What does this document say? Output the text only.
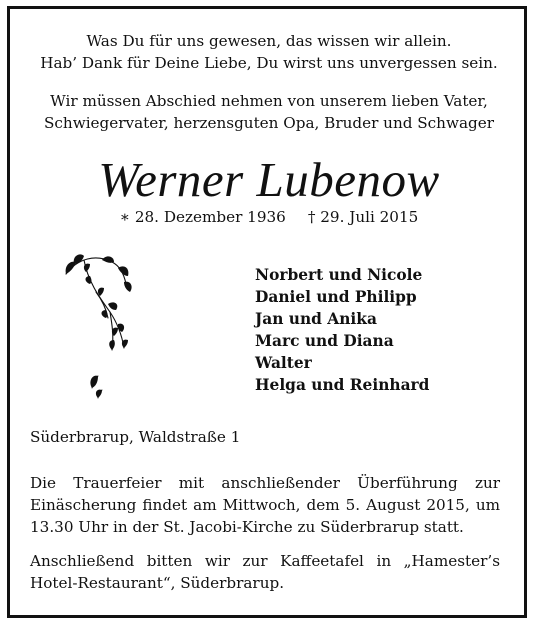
Was Du für uns gewesen, das wissen wir allein.
Hab’ Dank für Deine Liebe, Du wirst uns unvergessen sein.
Wir müssen Abschied nehmen von unserem lieben Vater,
Schwiegervater, herzensguten Opa, Bruder und Schwager
Werner Lubenow
∗ 28. Dezember 1936 † 29. Juli 2015
Norbert und Nicole
Daniel und Philipp
Jan und Anika
Marc und Diana
Walter
Helga und Reinhard
Süderbrarup, Waldstraße 1
Die Trauerfeier mit anschließender Überführung zur Einäscherung findet am Mittwoch, dem 5. August 2015, um 13.30 Uhr in der St. Jacobi-Kirche zu Süderbrarup statt.
Anschließend bitten wir zur Kaffeetafel in „Hamester’s Hotel-Restaurant“, Süderbrarup.
